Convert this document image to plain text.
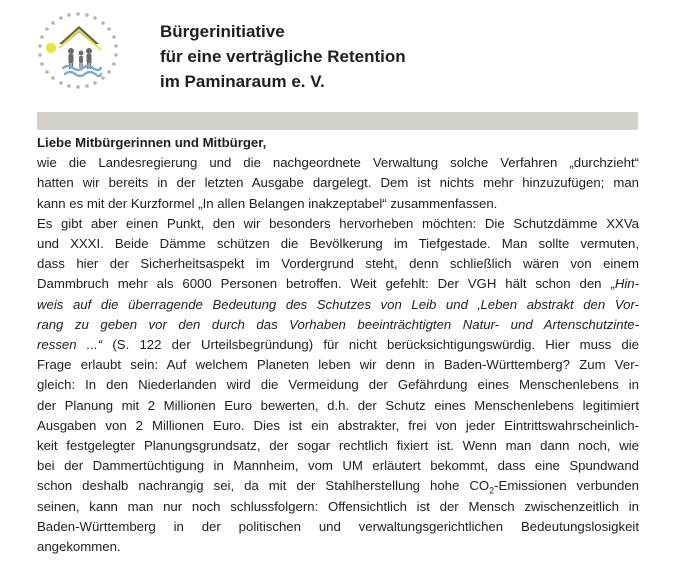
Bürgerinitiative
für eine verträgliche Retention
im Paminaraum e. V.

Liebe Mitbürgerinnen und Mitbürger,

wie die Landesregierung und die nachgeordnete Verwaltung solche Verfahren „durchzieht“
hatten wir bereits in der letzten Ausgabe dargelegt. Dem ist nichts mehr hinzuzufügen; man
kann es mit der Kurzformel „In allen Belangen inakzeptabel“ zusammenfassen.

Es gibt aber einen Punkt, den wir besonders hervorheben möchten: Die Schutzdämme XXVa
und XXXI. Beide Dämme schützen die Bevölkerung im Tiefgestade. Man sollte vermuten,
dass hier der Sicherheitsaspekt im Vordergrund steht, denn schließlich wären von einem
Dammbruch mehr als 6000 Personen betroffen. Weit gefehlt: Der VGH hält schon den „Hin-
weis auf die überragende Bedeutung des Schutzes von Leib und ‚Leben abstrakt den Vor-
rang zu geben vor den durch das Vorhaben beeinträchtigten Natur- und Artenschutzinte-
ressen ...“ (S. 122 der Urteilsbegründung) für nicht berücksichtigungswürdig. Hier muss die
Frage erlaubt sein: Auf welchem Planeten leben wir denn in Baden-Württemberg? Zum Ver-
gleich: In den Niederlanden wird die Vermeidung der Gefährdung eines Menschenlebens in
der Planung mit 2 Millionen Euro bewerten, d.h. der Schutz eines Menschenlebens legitimiert
Ausgaben von 2 Millionen Euro. Dies ist ein abstrakter, frei von jeder Eintrittswahrscheinlich-
keit festgelegter Planungsgrundsatz, der sogar rechtlich fixiert ist. Wenn man dann noch, wie
bei der Dammertüchtigung in Mannheim, vom UM erläutert bekommt, dass eine Spundwand
schon deshalb nachrangig sei, da mit der Stahlherstellung hohe $CO_2$-Emissionen verbunden
seinen, kann man nur noch schlussfolgern: Offensichtlich ist der Mensch zwischenzeitlich in
Baden-Württemberg in der politischen und verwaltungsgerichtlichen Bedeutungslosigkeit
angekommen.
